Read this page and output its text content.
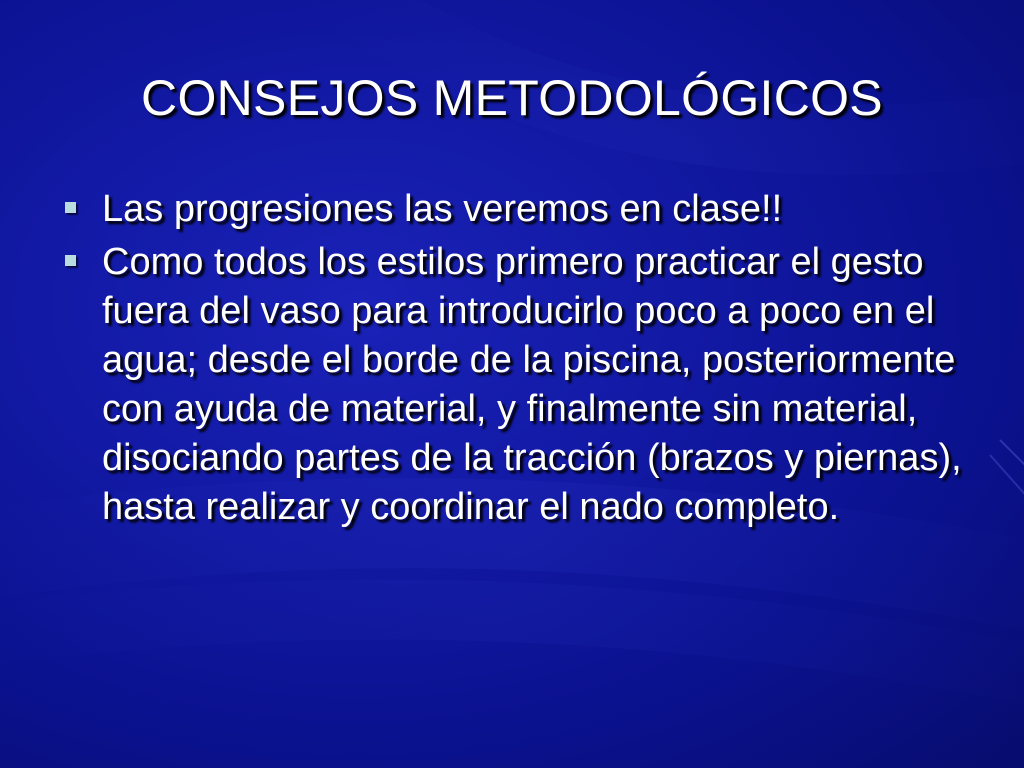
CONSEJOS METODOLÓGICOS
Las progresiones las veremos en clase!!
Como todos los estilos primero practicar el gesto fuera del vaso para introducirlo poco a poco en el agua; desde el borde de la piscina, posteriormente con ayuda de material, y finalmente sin material, disociando partes de la tracción (brazos y piernas), hasta realizar y coordinar el nado completo.
